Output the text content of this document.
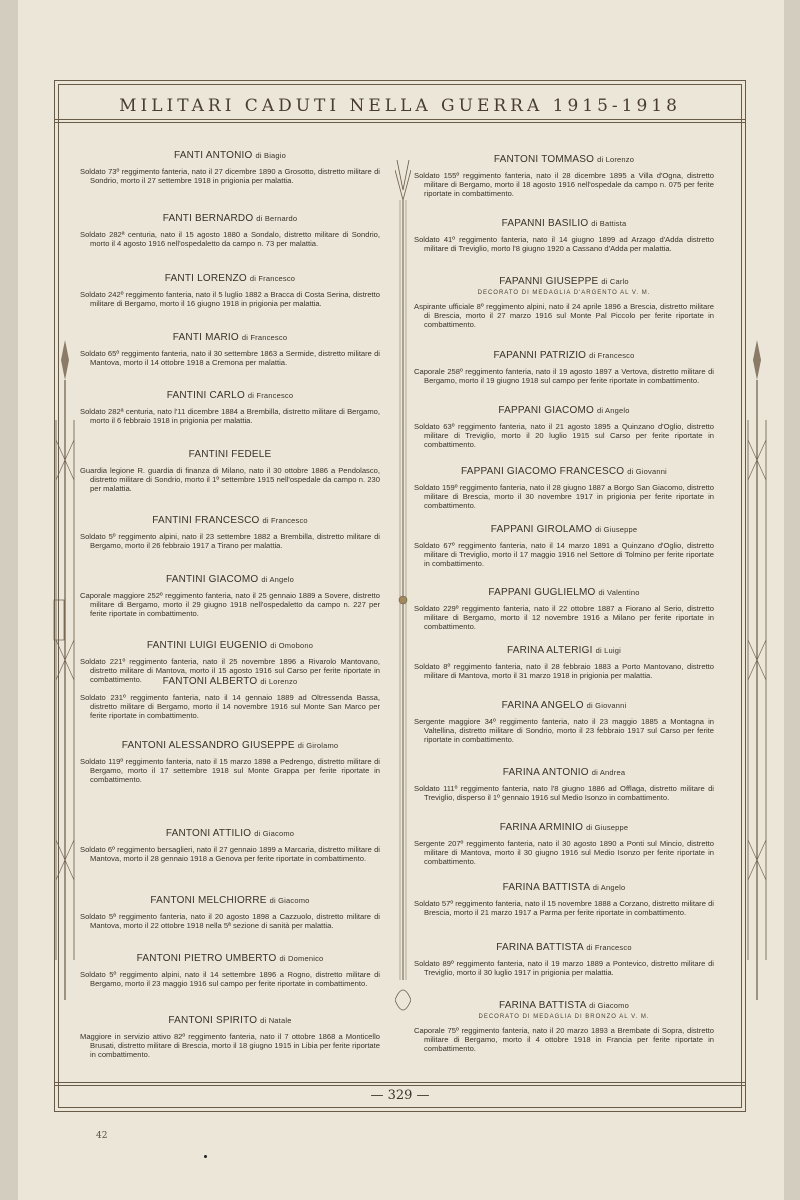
MILITARI CADUTI NELLA GUERRA 1915-1918
FANTI ANTONIO di Biagio
Soldato 73º reggimento fanteria, nato il 27 dicembre 1890 a Grosotto, distretto militare di Sondrio, morto il 27 settembre 1918 in prigionia per malattia.
FANTI BERNARDO di Bernardo
Soldato 282ª centuria, nato il 15 agosto 1880 a Sondalo, distretto militare di Sondrio, morto il 4 agosto 1916 nell'ospedaletto da campo n. 73 per malattia.
FANTI LORENZO di Francesco
Soldato 242º reggimento fanteria, nato il 5 luglio 1882 a Bracca di Costa Serina, distretto militare di Bergamo, morto il 16 giugno 1918 in prigionia per malattia.
FANTI MARIO di Francesco
Soldato 65º reggimento fanteria, nato il 30 settembre 1863 a Sermide, distretto militare di Mantova, morto il 14 ottobre 1918 a Cremona per malattia.
FANTINI CARLO di Francesco
Soldato 282ª centuria, nato l'11 dicembre 1884 a Brembilla, distretto militare di Bergamo, morto il 6 febbraio 1918 in prigionia per malattia.
FANTINI FEDELE
Guardia legione R. guardia di finanza di Milano, nato il 30 ottobre 1886 a Pendolasco, distretto militare di Sondrio, morto il 1º settembre 1915 nell'ospedale da campo n. 230 per malattia.
FANTINI FRANCESCO di Francesco
Soldato 5º reggimento alpini, nato il 23 settembre 1882 a Brembilla, distretto militare di Bergamo, morto il 26 febbraio 1917 a Tirano per malattia.
FANTINI GIACOMO di Angelo
Caporale maggiore 252º reggimento fanteria, nato il 25 gennaio 1889 a Sovere, distretto militare di Bergamo, morto il 29 giugno 1918 nell'ospedaletto da campo n. 227 per ferite riportate in combattimento.
FANTINI LUIGI EUGENIO di Omobono
Soldato 221º reggimento fanteria, nato il 25 novembre 1896 a Rivarolo Mantovano, distretto militare di Mantova, morto il 15 agosto 1916 sul Carso per ferite riportate in combattimento.	FANTONI ALBERTO di Lorenzo
Soldato 231º reggimento fanteria, nato il 14 gennaio 1889 ad Oltressenda Bassa, distretto militare di Bergamo, morto il 14 novembre 1916 sul Monte San Marco per ferite riportate in combattimento.
FANTONI ALESSANDRO GIUSEPPE di Girolamo
Soldato 119º reggimento fanteria, nato il 15 marzo 1898 a Pedrengo, distretto militare di Bergamo, morto il 17 settembre 1918 sul Monte Grappa per ferite riportate in combattimento.
FANTONI ATTILIO di Giacomo
Soldato 6º reggimento bersaglieri, nato il 27 gennaio 1899 a Marcaria, distretto militare di Mantova, morto il 28 gennaio 1918 a Genova per ferite riportate in combattimento.
FANTONI MELCHIORRE di Giacomo
Soldato 5ª reggimento fanteria, nato il 20 agosto 1898 a Cazzuolo, distretto militare di Mantova, morto il 22 ottobre 1918 nella 5ª sezione di sanità per malattia.
FANTONI PIETRO UMBERTO di Domenico
Soldato 5º reggimento alpini, nato il 14 settembre 1896 a Rogno, distretto militare di Bergamo, morto il 23 maggio 1916 sul campo per ferite riportate in combattimento.
FANTONI SPIRITO di Natale
Maggiore in servizio attivo 82º reggimento fanteria, nato il 7 ottobre 1868 a Monticello Brusati, distretto militare di Brescia, morto il 18 giugno 1915 in Libia per ferite riportate in combattimento.
FANTONI TOMMASO di Lorenzo
Soldato 155º reggimento fanteria, nato il 28 dicembre 1895 a Villa d'Ogna, distretto militare di Bergamo, morto il 18 agosto 1916 nell'ospedale da campo n. 075 per ferite riportate in combattimento.
FAPANNI BASILIO di Battista
Soldato 41º reggimento fanteria, nato il 14 giugno 1899 ad Arzago d'Adda distretto militare di Treviglio, morto l'8 giugno 1920 a Cassano d'Adda per malattia.
FAPANNI GIUSEPPE di Carlo
DECORATO DI MEDAGLIA D'ARGENTO AL V. M.
Aspirante ufficiale 8º reggimento alpini, nato il 24 aprile 1896 a Brescia, distretto militare di Brescia, morto il 27 marzo 1916 sul Monte Pal Piccolo per ferite riportate in combattimento.
FAPANNI PATRIZIO di Francesco
Caporale 258º reggimento fanteria, nato il 19 agosto 1897 a Vertova, distretto militare di Bergamo, morto il 19 giugno 1918 sul campo per ferite riportate in combattimento.
FAPPANI GIACOMO di Angelo
Soldato 63º reggimento fanteria, nato il 21 agosto 1895 a Quinzano d'Oglio, distretto militare di Treviglio, morto il 20 luglio 1915 sul Carso per ferite riportate in combattimento.
FAPPANI GIACOMO FRANCESCO di Giovanni
Soldato 159º reggimento fanteria, nato il 28 giugno 1887 a Borgo San Giacomo, distretto militare di Brescia, morto il 30 novembre 1917 in prigionia per ferite riportate in combattimento.
FAPPANI GIROLAMO di Giuseppe
Soldato 67º reggimento fanteria, nato il 14 marzo 1891 a Quinzano d'Oglio, distretto militare di Treviglio, morto il 17 maggio 1916 nel Settore di Tolmino per ferite riportate in combattimento.
FAPPANI GUGLIELMO di Valentino
Soldato 229º reggimento fanteria, nato il 22 ottobre 1887 a Fiorano al Serio, distretto militare di Bergamo, morto il 12 novembre 1916 a Milano per ferite riportate in combattimento.
FARINA ALTERIGI di Luigi
Soldato 8º reggimento fanteria, nato il 28 febbraio 1883 a Porto Mantovano, distretto militare di Mantova, morto il 31 marzo 1918 in prigionia per malattia.
FARINA ANGELO di Giovanni
Sergente maggiore 34º reggimento fanteria, nato il 23 maggio 1885 a Montagna in Valtellina, distretto militare di Sondrio, morto il 23 febbraio 1917 sul Carso per ferite riportate in combattimento.
FARINA ANTONIO di Andrea
Soldato 111º reggimento fanteria, nato l'8 giugno 1886 ad Offlaga, distretto militare di Treviglio, disperso il 1º gennaio 1916 sul Medio Isonzo in combattimento.
FARINA ARMINIO di Giuseppe
Sergente 207º reggimento fanteria, nato il 30 agosto 1890 a Ponti sul Mincio, distretto militare di Mantova, morto il 30 giugno 1916 sul Medio Isonzo per ferite riportate in combattimento.
FARINA BATTISTA di Angelo
Soldato 57º reggimento fanteria, nato il 15 novembre 1888 a Corzano, distretto militare di Brescia, morto il 21 marzo 1917 a Parma per ferite riportate in combattimento.
FARINA BATTISTA di Francesco
Soldato 89º reggimento fanteria, nato il 19 marzo 1889 a Pontevico, distretto militare di Treviglio, morto il 30 luglio 1917 in prigionia per malattia.
FARINA BATTISTA di Giacomo
DECORATO DI MEDAGLIA DI BRONZO AL V. M.
Caporale 75º reggimento fanteria, nato il 20 marzo 1893 a Brembate di Sopra, distretto militare di Bergamo, morto il 4 ottobre 1918 in Francia per ferite riportate in combattimento.
— 329 —
42
